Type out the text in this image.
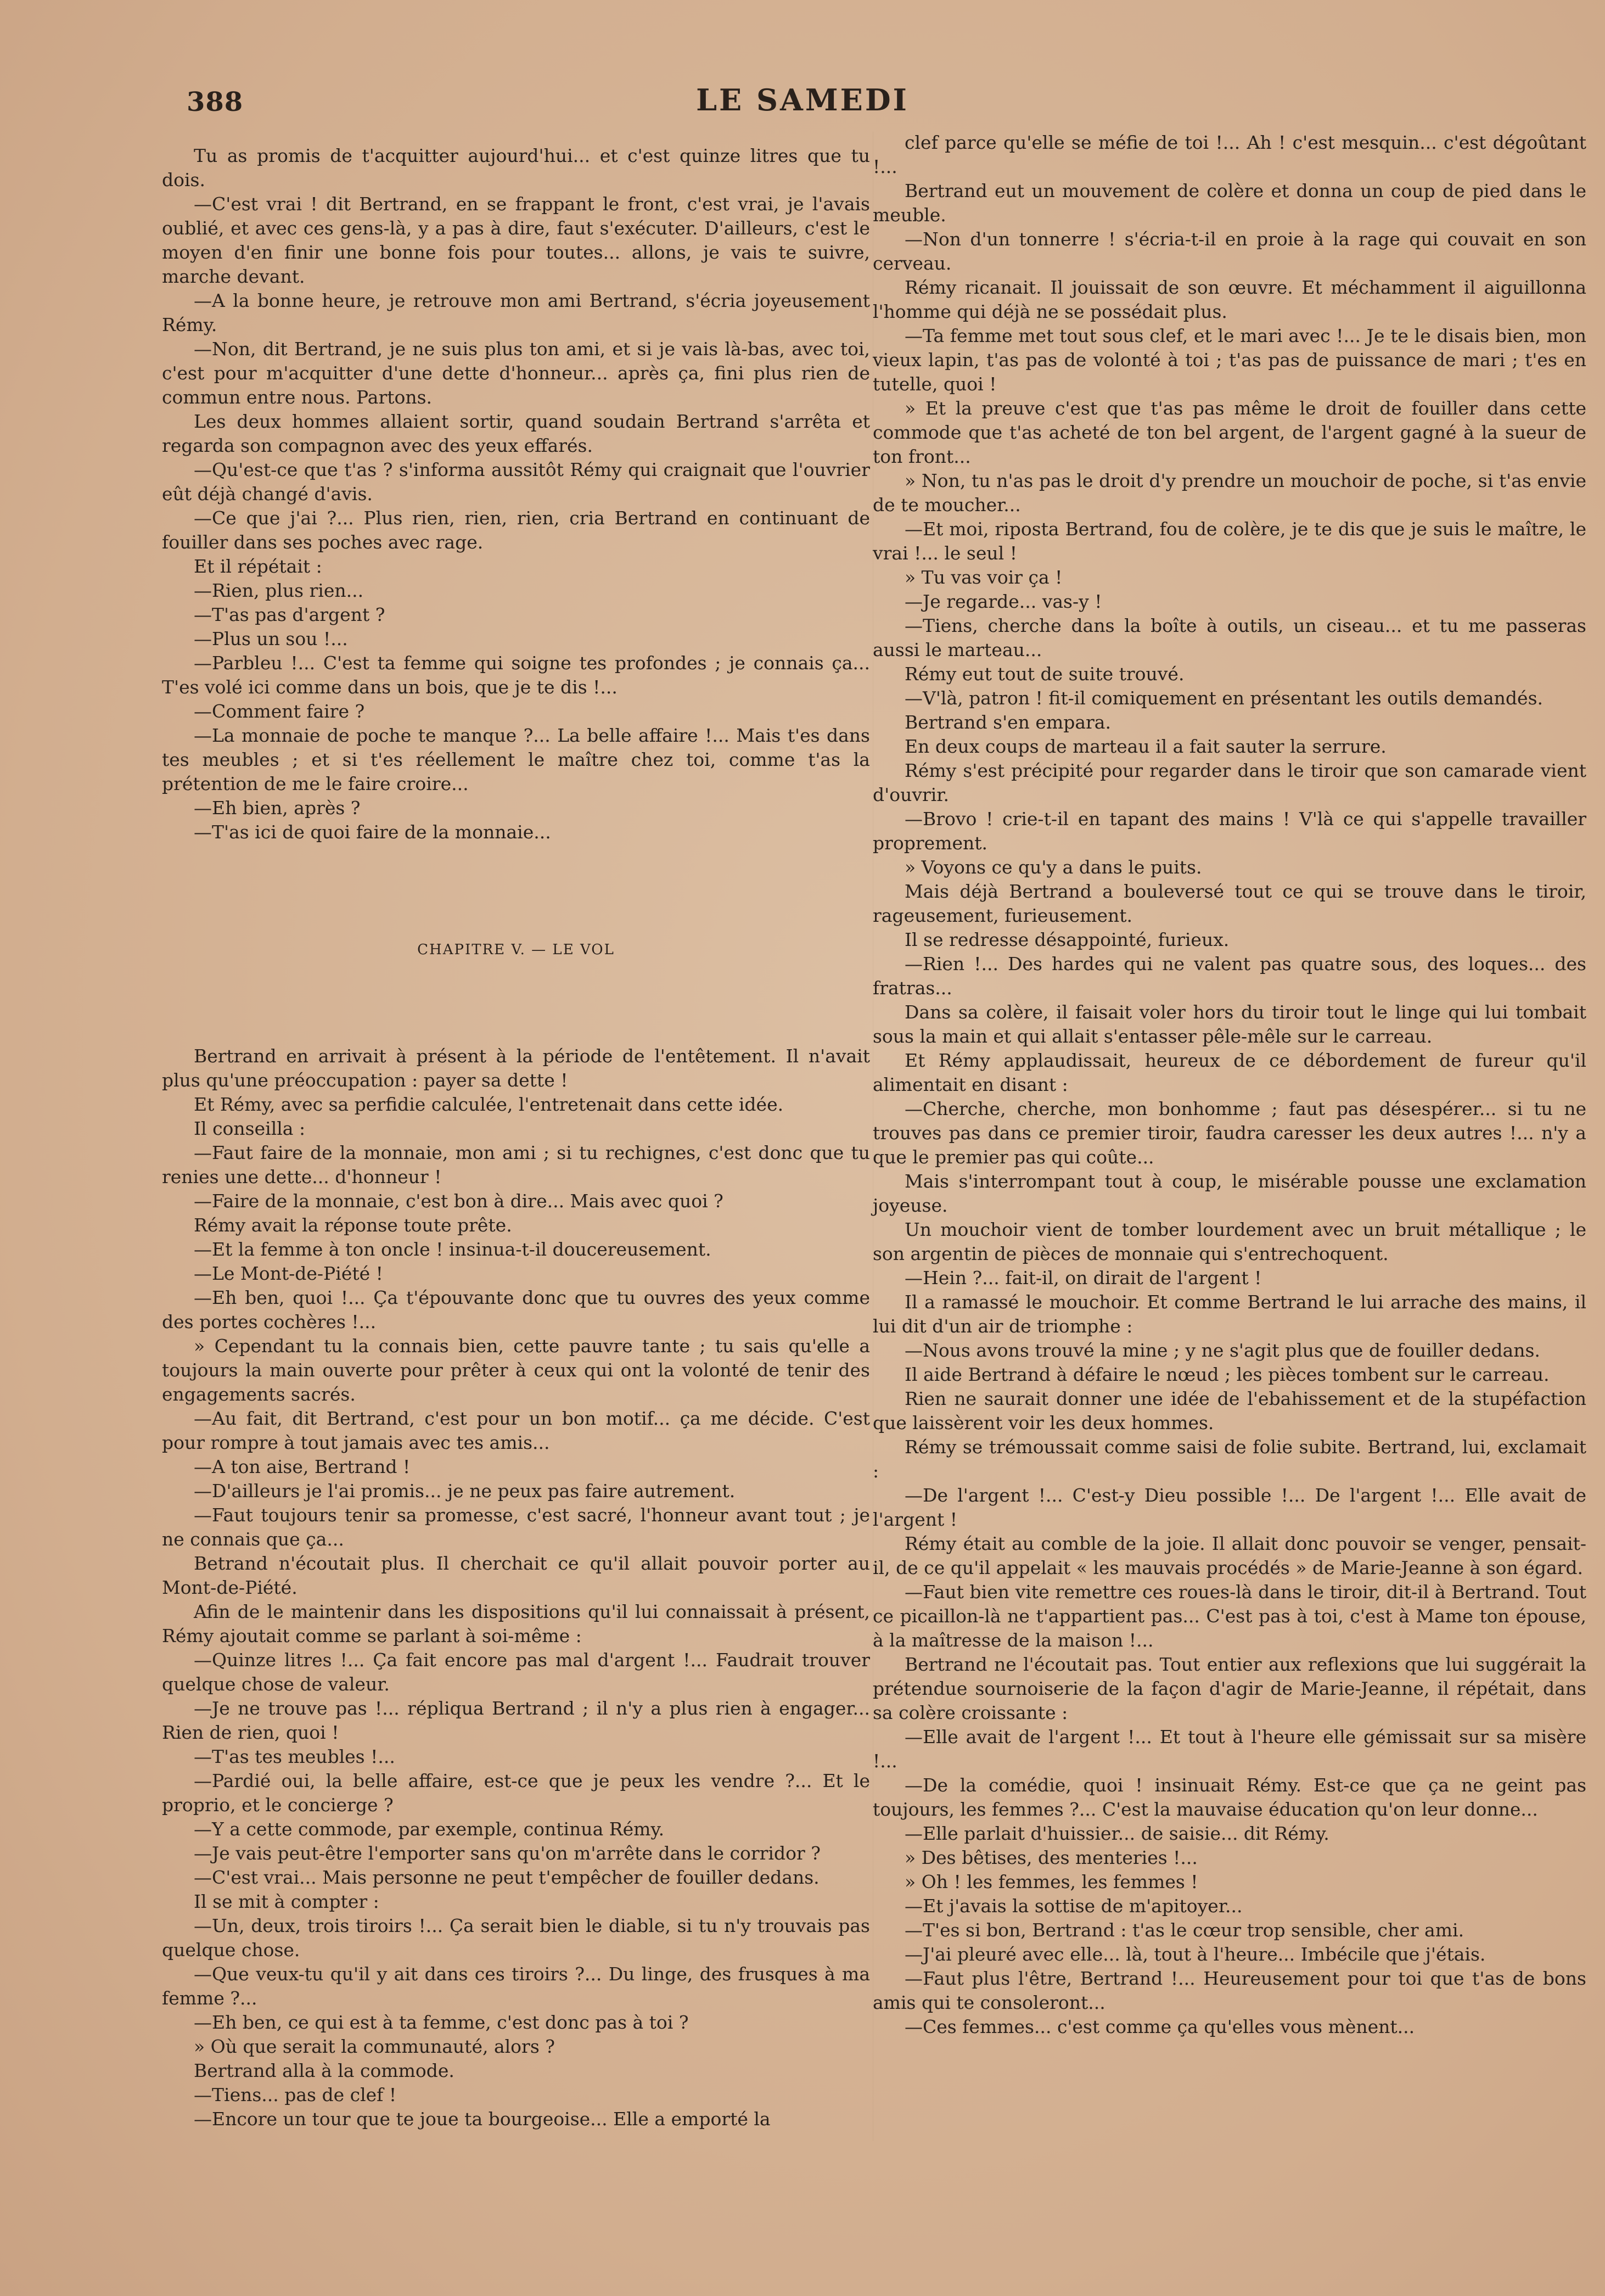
388	LE SAMEDI

Tu as promis de t'acquitter aujourd'hui... et c'est quinze litres que tu dois.

—C'est vrai ! dit Bertrand, en se frappant le front, c'est vrai, je l'avais oublié, et avec ces gens-là, y a pas à dire, faut s'exécuter. D'ailleurs, c'est le moyen d'en finir une bonne fois pour toutes... allons, je vais te suivre, marche devant.

—A la bonne heure, je retrouve mon ami Bertrand, s'écria joyeusement Rémy.

—Non, dit Bertrand, je ne suis plus ton ami, et si je vais là-bas, avec toi, c'est pour m'acquitter d'une dette d'honneur... après ça, fini plus rien de commun entre nous. Partons.

Les deux hommes allaient sortir, quand soudain Bertrand s'arrêta et regarda son compagnon avec des yeux effarés.

—Qu'est-ce que t'as ? s'informa aussitôt Rémy qui craignait que l'ouvrier eût déjà changé d'avis.

—Ce que j'ai ?... Plus rien, rien, rien, cria Bertrand en continuant de fouiller dans ses poches avec rage.

Et il répétait :

—Rien, plus rien...

—T'as pas d'argent ?

—Plus un sou !...

—Parbleu !... C'est ta femme qui soigne tes profondes ; je connais ça... T'es volé ici comme dans un bois, que je te dis !...

—Comment faire ?

—La monnaie de poche te manque ?... La belle affaire !... Mais t'es dans tes meubles ; et si t'es réellement le maître chez toi, comme t'as la prétention de me le faire croire...

—Eh bien, après ?

—T'as ici de quoi faire de la monnaie...

CHAPITRE V. — LE VOL

Bertrand en arrivait à présent à la période de l'entêtement. Il n'avait plus qu'une préoccupation : payer sa dette !

Et Rémy, avec sa perfidie calculée, l'entretenait dans cette idée.

Il conseilla :

—Faut faire de la monnaie, mon ami ; si tu rechignes, c'est donc que tu renies une dette... d'honneur !

—Faire de la monnaie, c'est bon à dire... Mais avec quoi ?

Rémy avait la réponse toute prête.

—Et la femme à ton oncle ! insinua-t-il doucereusement.

—Le Mont-de-Piété !

—Eh ben, quoi !... Ça t'épouvante donc que tu ouvres des yeux comme des portes cochères !...

» Cependant tu la connais bien, cette pauvre tante ; tu sais qu'elle a toujours la main ouverte pour prêter à ceux qui ont la volonté de tenir des engagements sacrés.

—Au fait, dit Bertrand, c'est pour un bon motif... ça me décide. C'est pour rompre à tout jamais avec tes amis...

—A ton aise, Bertrand !

—D'ailleurs je l'ai promis... je ne peux pas faire autrement.

—Faut toujours tenir sa promesse, c'est sacré, l'honneur avant tout ; je ne connais que ça...

Betrand n'écoutait plus. Il cherchait ce qu'il allait pouvoir porter au Mont-de-Piété.

Afin de le maintenir dans les dispositions qu'il lui connaissait à présent, Rémy ajoutait comme se parlant à soi-même :

—Quinze litres !... Ça fait encore pas mal d'argent !... Faudrait trouver quelque chose de valeur.

—Je ne trouve pas !... répliqua Bertrand ; il n'y a plus rien à engager... Rien de rien, quoi !

—T'as tes meubles !...

—Pardié oui, la belle affaire, est-ce que je peux les vendre ?... Et le proprio, et le concierge ?

—Y a cette commode, par exemple, continua Rémy.

—Je vais peut-être l'emporter sans qu'on m'arrête dans le corridor ?

—C'est vrai... Mais personne ne peut t'empêcher de fouiller dedans.

Il se mit à compter :

—Un, deux, trois tiroirs !... Ça serait bien le diable, si tu n'y trouvais pas quelque chose.

—Que veux-tu qu'il y ait dans ces tiroirs ?... Du linge, des frusques à ma femme ?...

—Eh ben, ce qui est à ta femme, c'est donc pas à toi ?

» Où que serait la communauté, alors ?

Bertrand alla à la commode.

—Tiens... pas de clef !

—Encore un tour que te joue ta bourgeoise... Elle a emporté la

clef parce qu'elle se méfie de toi !... Ah ! c'est mesquin... c'est dégoûtant !...

Bertrand eut un mouvement de colère et donna un coup de pied dans le meuble.

—Non d'un tonnerre ! s'écria-t-il en proie à la rage qui couvait en son cerveau.

Rémy ricanait. Il jouissait de son œuvre. Et méchamment il aiguillonna l'homme qui déjà ne se possédait plus.

—Ta femme met tout sous clef, et le mari avec !... Je te le disais bien, mon vieux lapin, t'as pas de volonté à toi ; t'as pas de puissance de mari ; t'es en tutelle, quoi !

» Et la preuve c'est que t'as pas même le droit de fouiller dans cette commode que t'as acheté de ton bel argent, de l'argent gagné à la sueur de ton front...

» Non, tu n'as pas le droit d'y prendre un mouchoir de poche, si t'as envie de te moucher...

—Et moi, riposta Bertrand, fou de colère, je te dis que je suis le maître, le vrai !... le seul !

» Tu vas voir ça !

—Je regarde... vas-y !

—Tiens, cherche dans la boîte à outils, un ciseau... et tu me passeras aussi le marteau...

Rémy eut tout de suite trouvé.

—V'là, patron ! fit-il comiquement en présentant les outils demandés.

Bertrand s'en empara.

En deux coups de marteau il a fait sauter la serrure.

Rémy s'est précipité pour regarder dans le tiroir que son camarade vient d'ouvrir.

—Brovo ! crie-t-il en tapant des mains ! V'là ce qui s'appelle travailler proprement.

» Voyons ce qu'y a dans le puits.

Mais déjà Bertrand a bouleversé tout ce qui se trouve dans le tiroir, rageusement, furieusement.

Il se redresse désappointé, furieux.

—Rien !... Des hardes qui ne valent pas quatre sous, des loques... des fratras...

Dans sa colère, il faisait voler hors du tiroir tout le linge qui lui tombait sous la main et qui allait s'entasser pêle-mêle sur le carreau.

Et Rémy applaudissait, heureux de ce débordement de fureur qu'il alimentait en disant :

—Cherche, cherche, mon bonhomme ; faut pas désespérer... si tu ne trouves pas dans ce premier tiroir, faudra caresser les deux autres !... n'y a que le premier pas qui coûte...

Mais s'interrompant tout à coup, le misérable pousse une exclamation joyeuse.

Un mouchoir vient de tomber lourdement avec un bruit métallique ; le son argentin de pièces de monnaie qui s'entrechoquent.

—Hein ?... fait-il, on dirait de l'argent !

Il a ramassé le mouchoir. Et comme Bertrand le lui arrache des mains, il lui dit d'un air de triomphe :

—Nous avons trouvé la mine ; y ne s'agit plus que de fouiller dedans.

Il aide Bertrand à défaire le nœud ; les pièces tombent sur le carreau.

Rien ne saurait donner une idée de l'ebahissement et de la stupéfaction que laissèrent voir les deux hommes.

Rémy se trémoussait comme saisi de folie subite. Bertrand, lui, exclamait :

—De l'argent !... C'est-y Dieu possible !... De l'argent !... Elle avait de l'argent !

Rémy était au comble de la joie. Il allait donc pouvoir se venger, pensait-il, de ce qu'il appelait « les mauvais procédés » de Marie-Jeanne à son égard.

—Faut bien vite remettre ces roues-là dans le tiroir, dit-il à Bertrand. Tout ce picaillon-là ne t'appartient pas... C'est pas à toi, c'est à Mame ton épouse, à la maîtresse de la maison !...

Bertrand ne l'écoutait pas. Tout entier aux reflexions que lui suggérait la prétendue sournoiserie de la façon d'agir de Marie-Jeanne, il répétait, dans sa colère croissante :

—Elle avait de l'argent !... Et tout à l'heure elle gémissait sur sa misère !...

—De la comédie, quoi ! insinuait Rémy. Est-ce que ça ne geint pas toujours, les femmes ?... C'est la mauvaise éducation qu'on leur donne...

—Elle parlait d'huissier... de saisie... dit Rémy.

» Des bêtises, des menteries !...

» Oh ! les femmes, les femmes !

—Et j'avais la sottise de m'apitoyer...

—T'es si bon, Bertrand : t'as le cœur trop sensible, cher ami.

—J'ai pleuré avec elle... là, tout à l'heure... Imbécile que j'étais.

—Faut plus l'être, Bertrand !... Heureusement pour toi que t'as de bons amis qui te consoleront...

—Ces femmes... c'est comme ça qu'elles vous mènent...
